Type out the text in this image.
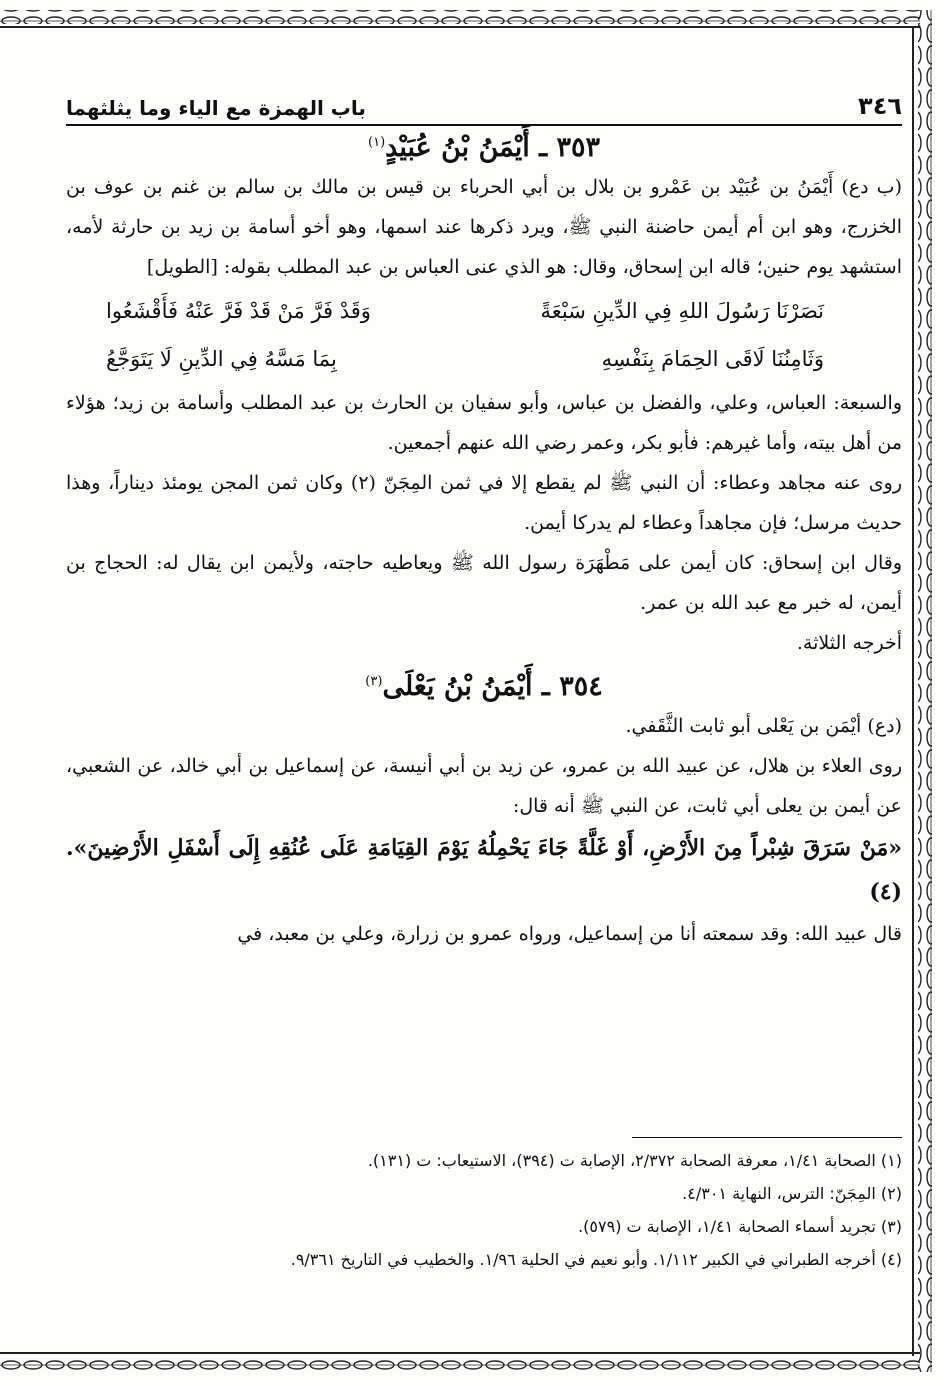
٣٤٦
باب الهمزة مع الياء وما يثلثهما
٣٥٣ ـ أَيْمَنُ بْنُ عُبَيْدٍ$^{(١)}$

(ب دع) أَيْمَنُ بن عُبَيْد بن عَمْرو بن بلال بن أبي الحرباء بن قيس بن مالك بن سالم بن غنم بن عوف بن الخزرج، وهو ابن أم أيمن حاضنة النبي ﷺ، ويرد ذكرها عند اسمها، وهو أخو أسامة بن زيد بن حارثة لأمه، استشهد يوم حنين؛ قاله ابن إسحاق، وقال: هو الذي عنى العباس بن عبد المطلب بقوله: [الطويل]

نَصَرْنَا رَسُولَ اللهِ فِي الدِّينِ سَبْعَةً
وَقَدْ فَرَّ مَنْ قَدْ فَرَّ عَنْهُ فَأَقْشَعُوا
وَثَامِنُنَا لَاقَى الحِمَامَ بِنَفْسِهِ
بِمَا مَسَّهُ فِي الدِّينِ لَا يَتَوَجَّعُ

والسبعة: العباس، وعلي، والفضل بن عباس، وأبو سفيان بن الحارث بن عبد المطلب وأسامة بن زيد؛ هؤلاء من أهل بيته، وأما غيرهم: فأبو بكر، وعمر رضي الله عنهم أجمعين.

روى عنه مجاهد وعطاء: أن النبي ﷺ لم يقطع إلا في ثمن المِجَنّ (٢) وكان ثمن المجن يومئذ ديناراً، وهذا حديث مرسل؛ فإن مجاهداً وعطاء لم يدركا أيمن.

وقال ابن إسحاق: كان أيمن على مَطْهَرَة رسول الله ﷺ ويعاطيه حاجته، ولأيمن ابن يقال له: الحجاج بن أيمن، له خبر مع عبد الله بن عمر.

أخرجه الثلاثة.

٣٥٤ ـ أَيْمَنُ بْنُ يَعْلَى$^{(٣)}$

(دع) أيْمَن بن يَعْلى أبو ثابت الثَّقَفي.

روى العلاء بن هلال، عن عبيد الله بن عمرو، عن زيد بن أبي أنيسة، عن إسماعيل بن أبي خالد، عن الشعبي، عن أيمن بن يعلى أبي ثابت، عن النبي ﷺ أنه قال:

«مَنْ سَرَقَ شِبْراً مِنَ الأَرْضِ، أَوْ غَلَّةً جَاءَ يَحْمِلُهُ يَوْمَ القِيَامَةِ عَلَى عُنُقِهِ إِلَى أَسْفَلِ الأَرْضِينَ». (٤)

قال عبيد الله: وقد سمعته أنا من إسماعيل، ورواه عمرو بن زرارة، وعلي بن معبد، في

(١) الصحابة ١/٤١، معرفة الصحابة ٢/٣٧٢، الإصابة ت (٣٩٤)، الاستيعاب: ت (١٣١).

(٢) المِجَنّ: الترس، النهاية ٤/٣٠١.

(٣) تجريد أسماء الصحابة ١/٤١، الإصابة ت (٥٧٩).

(٤) أخرجه الطبراني في الكبير ١/١١٢. وأبو نعيم في الحلية ١/٩٦. والخطيب في التاريخ ٩/٣٦١.
